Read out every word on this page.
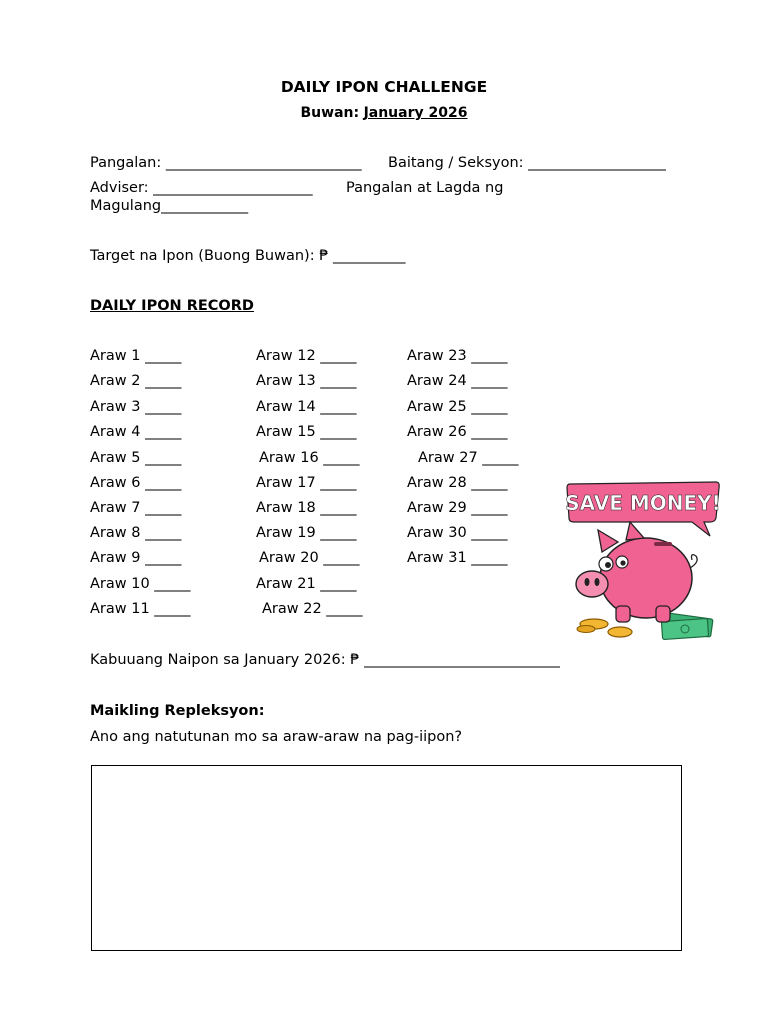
DAILY IPON CHALLENGE
Buwan: January 2026
Pangalan: ___________________________ Baitang / Seksyon: ___________________
Adviser: ______________________ Pangalan at Lagda ng
Magulang____________
Target na Ipon (Buong Buwan): ₱ __________
DAILY IPON RECORD
Araw 1 _____
Araw 2 _____
Araw 3 _____
Araw 4 _____
Araw 5 _____
Araw 6 _____
Araw 7 _____
Araw 8 _____
Araw 9 _____
Araw 10 _____
Araw 11 _____
Araw 12 _____
Araw 13 _____
Araw 14 _____
Araw 15 _____
Araw 16 _____
Araw 17 _____
Araw 18 _____
Araw 19 _____
Araw 20 _____
Araw 21 _____
Araw 22 _____
Araw 23 _____
Araw 24 _____
Araw 25 _____
Araw 26 _____
Araw 27 _____
Araw 28 _____
Araw 29 _____
Araw 30 _____
Araw 31 _____
SAVE MONEY!
Kabuuang Naipon sa January 2026: ₱ ___________________________
Maikling Repleksyon:
Ano ang natutunan mo sa araw-araw na pag-iipon?
